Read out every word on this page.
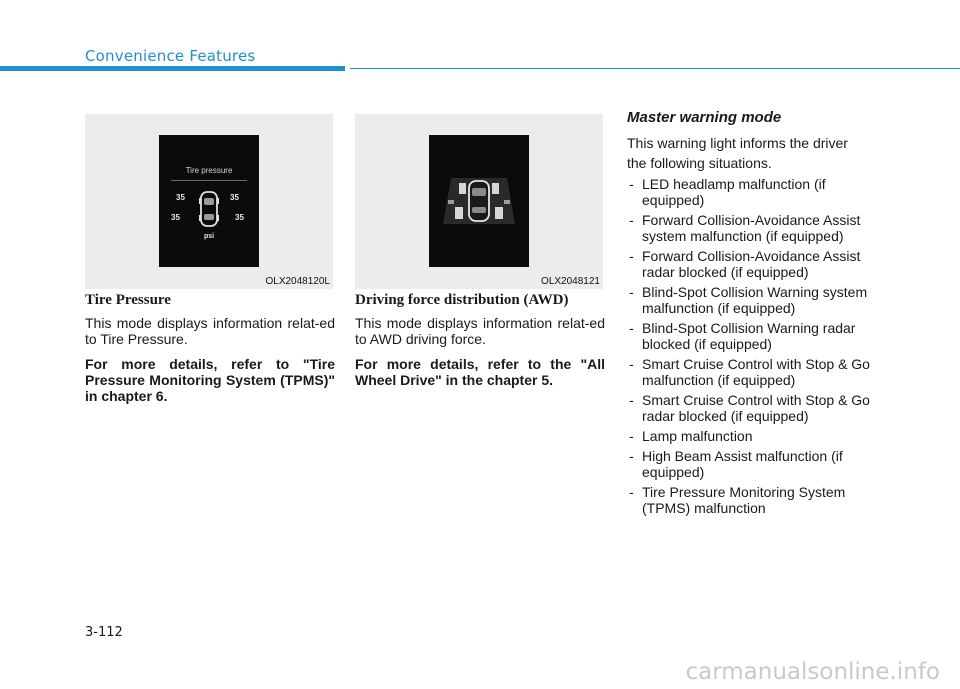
Convenience Features
Tire pressure
35	35
35	35
psi
OLX2048120L	OLX2048121
Tire Pressure

This mode displays information relat-ed to Tire Pressure.

For more details, refer to "Tire Pressure Monitoring System (TPMS)" in chapter 6.

Driving force distribution (AWD)

This mode displays information relat-ed to AWD driving force.

For more details, refer to the "All Wheel Drive" in the chapter 5.

Master warning mode
This warning light informs the driver
the following situations.
- LED headlamp malfunction (if equipped)
- Forward Collision-Avoidance Assist system malfunction (if equipped)
- Forward Collision-Avoidance Assist radar blocked (if equipped)
- Blind-Spot Collision Warning system malfunction (if equipped)
- Blind-Spot Collision Warning radar blocked (if equipped)
- Smart Cruise Control with Stop & Go malfunction (if equipped)
- Smart Cruise Control with Stop & Go radar blocked (if equipped)
- Lamp malfunction
- High Beam Assist malfunction (if equipped)
- Tire Pressure Monitoring System (TPMS) malfunction
3-112
carmanualsonline.info
